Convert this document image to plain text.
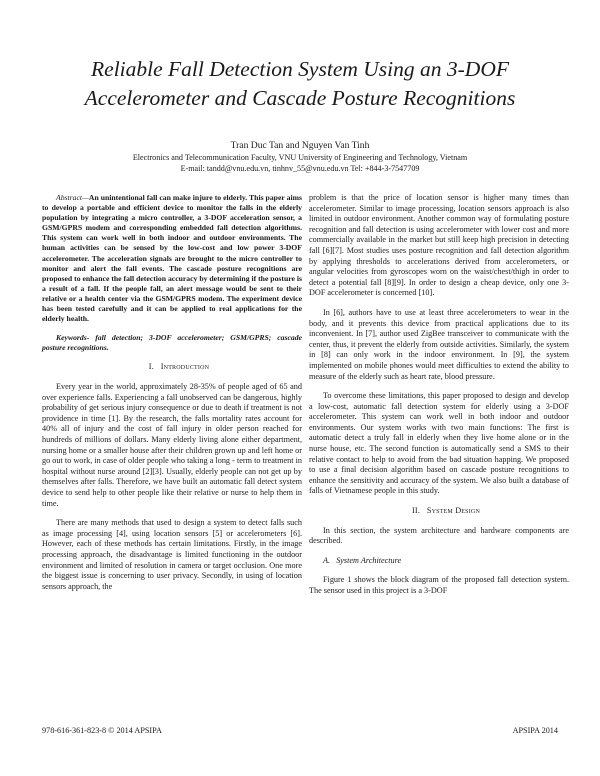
Reliable Fall Detection System Using an 3-DOF Accelerometer and Cascade Posture Recognitions
Tran Duc Tan and Nguyen Van Tinh
Electronics and Telecommunication Faculty, VNU University of Engineering and Technology, Vietnam
E-mail: tandd@vnu.edu.vn, tinhnv_55@vnu.edu.vn Tel: +844-3-7547709

Abstract—An unintentional fall can make injure to elderly. This paper aims to develop a portable and efficient device to monitor the falls in the elderly population by integrating a micro controller, a 3-DOF acceleration sensor, a GSM/GPRS modem and corresponding embedded fall detection algorithms. This system can work well in both indoor and outdoor environments. The human activities can be sensed by the low-cost and low power 3-DOF accelerometer. The acceleration signals are brought to the micro controller to monitor and alert the fall events. The cascade posture recognitions are proposed to enhance the fall detection accuracy by determining if the posture is a result of a fall. If the people fall, an alert message would be sent to their relative or a health center via the GSM/GPRS modem. The experiment device has been tested carefully and it can be applied to real applications for the elderly health.

Keywords- fall detection; 3-DOF accelerometer; GSM/GPRS; cascade posture recognitions.

I. Introduction

Every year in the world, approximately 28-35% of people aged of 65 and over experience falls. Experiencing a fall unobserved can be dangerous, highly probability of get serious injury consequence or due to death if treatment is not providence in time [1]. By the research, the falls mortality rates account for 40% all of injury and the cost of fall injury in older person reached for hundreds of millions of dollars. Many elderly living alone either department, nursing home or a smaller house after their children grown up and left home or go out to work, in case of older people who taking a long - term to treatment in hospital without nurse around [2][3]. Usually, elderly people can not get up by themselves after falls. Therefore, we have built an automatic fall detect system device to send help to other people like their relative or nurse to help them in time.

There are many methods that used to design a system to detect falls such as image processing [4], using location sensors [5] or accelerometers [6]. However, each of these methods has certain limitations. Firstly, in the image processing approach, the disadvantage is limited functioning in the outdoor environment and limited of resolution in camera or target occlusion. One more the biggest issue is concerning to user privacy. Secondly, in using of location sensors approach, the

problem is that the price of location sensor is higher many times than accelerometer. Similar to image processing, location sensors approach is also limited in outdoor environment. Another common way of formulating posture recognition and fall detection is using accelerometer with lower cost and more commercially available in the market but still keep high precision in detecting fall [6][7]. Most studies uses posture recognition and fall detection algorithm by applying thresholds to accelerations derived from accelerometers, or angular velocities from gyroscopes worn on the waist/chest/thigh in order to detect a potential fall [8][9]. In order to design a cheap device, only one 3-DOF accelerometer is concerned [10].

In [6], authors have to use at least three accelerometers to wear in the body, and it prevents this device from practical applications due to its inconvenient. In [7], author used ZigBee transceiver to communicate with the center, thus, it prevent the elderly from outside activities. Similarly, the system in [8] can only work in the indoor environment. In [9], the system implemented on mobile phones would meet difficulties to extend the ability to measure of the elderly such as heart rate, blood pressure.

To overcome these limitations, this paper proposed to design and develop a low-cost, automatic fall detection system for elderly using a 3-DOF accelerometer. This system can work well in both indoor and outdoor environments. Our system works with two main functions: The first is automatic detect a truly fall in elderly when they live home alone or in the nurse house, etc. The second function is automatically send a SMS to their relative contact to help to avoid from the bad situation happing. We proposed to use a final decision algorithm based on cascade posture recognitions to enhance the sensitivity and accuracy of the system. We also built a database of falls of Vietnamese people in this study.

II. System Design

In this section, the system architecture and hardware components are described.

A. System Architecture

Figure 1 shows the block diagram of the proposed fall detection system. The sensor used in this project is a 3-DOF

978-616-361-823-8 © 2014 APSIPA	APSIPA 2014
